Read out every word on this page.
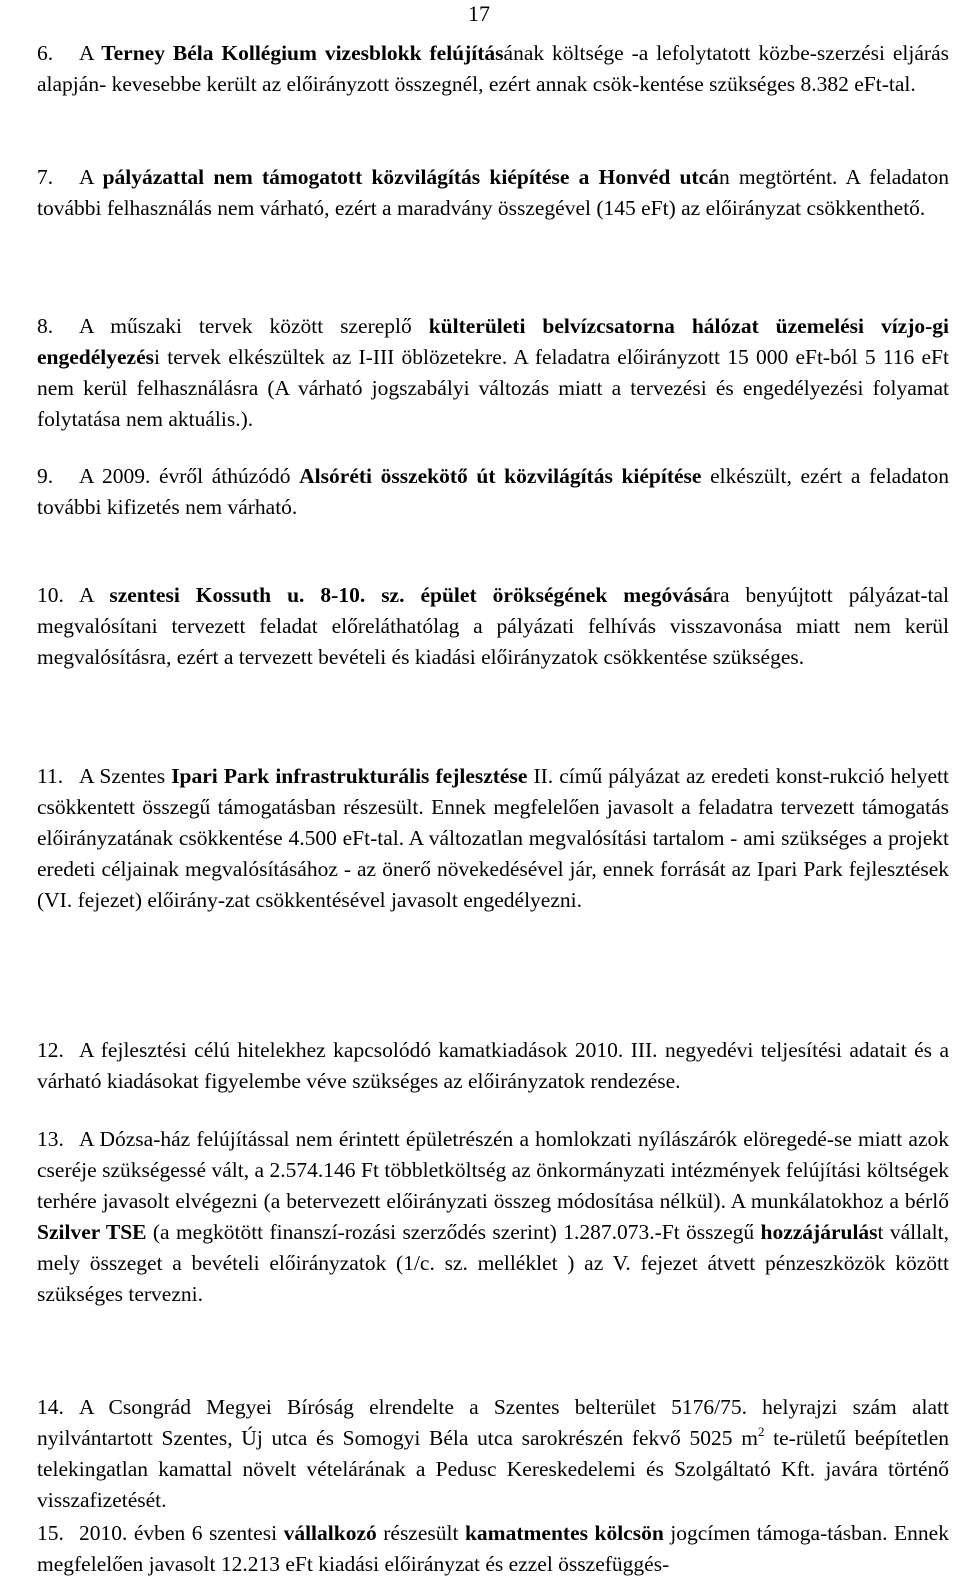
17

6. A Terney Béla Kollégium vizesblokk felújításának költsége -a lefolytatott közbe-szerzési eljárás alapján- kevesebbe került az előirányzott összegnél, ezért annak csök-kentése szükséges 8.382 eFt-tal.

7. A pályázattal nem támogatott közvilágítás kiépítése a Honvéd utcán megtörtént. A feladaton további felhasználás nem várható, ezért a maradvány összegével (145 eFt) az előirányzat csökkenthető.

8. A műszaki tervek között szereplő külterületi belvízcsatorna hálózat üzemelési vízjo-gi engedélyezési tervek elkészültek az I-III öblözetekre. A feladatra előirányzott 15 000 eFt-ból 5 116 eFt nem kerül felhasználásra (A várható jogszabályi változás miatt a tervezési és engedélyezési folyamat folytatása nem aktuális.).

9. A 2009. évről áthúzódó Alsóréti összekötő út közvilágítás kiépítése elkészült, ezért a feladaton további kifizetés nem várható.

10. A szentesi Kossuth u. 8-10. sz. épület örökségének megóvására benyújtott pályázat-tal megvalósítani tervezett feladat előreláthatólag a pályázati felhívás visszavonása miatt nem kerül megvalósításra, ezért a tervezett bevételi és kiadási előirányzatok csökkentése szükséges.

11. A Szentes Ipari Park infrastrukturális fejlesztése II. című pályázat az eredeti konst-rukció helyett csökkentett összegű támogatásban részesült. Ennek megfelelően javasolt a feladatra tervezett támogatás előirányzatának csökkentése 4.500 eFt-tal. A változatlan megvalósítási tartalom - ami szükséges a projekt eredeti céljainak megvalósításához - az önerő növekedésével jár, ennek forrását az Ipari Park fejlesztések (VI. fejezet) előirány-zat csökkentésével javasolt engedélyezni.

12. A fejlesztési célú hitelekhez kapcsolódó kamatkiadások 2010. III. negyedévi teljesítési adatait és a várható kiadásokat figyelembe véve szükséges az előirányzatok rendezése.

13. A Dózsa-ház felújítással nem érintett épületrészén a homlokzati nyílászárók elöregedé-se miatt azok cseréje szükségessé vált, a 2.574.146 Ft többletköltség az önkormányzati intézmények felújítási költségek terhére javasolt elvégezni (a betervezett előirányzati összeg módosítása nélkül). A munkálatokhoz a bérlő Szilver TSE (a megkötött finanszí-rozási szerződés szerint) 1.287.073.-Ft összegű hozzájárulást vállalt, mely összeget a bevételi előirányzatok (1/c. sz. melléklet ) az V. fejezet átvett pénzeszközök között szükséges tervezni.

14. A Csongrád Megyei Bíróság elrendelte a Szentes belterület 5176/75. helyrajzi szám alatt nyilvántartott Szentes, Új utca és Somogyi Béla utca sarokrészén fekvő 5025 $m^2$ te-rületű beépítetlen telekingatlan kamattal növelt vételárának a Pedusc Kereskedelemi és Szolgáltató Kft. javára történő visszafizetését.

15. 2010. évben 6 szentesi vállalkozó részesült kamatmentes kölcsön jogcímen támoga-tásban. Ennek megfelelően javasolt 12.213 eFt kiadási előirányzat és ezzel összefüggés-
